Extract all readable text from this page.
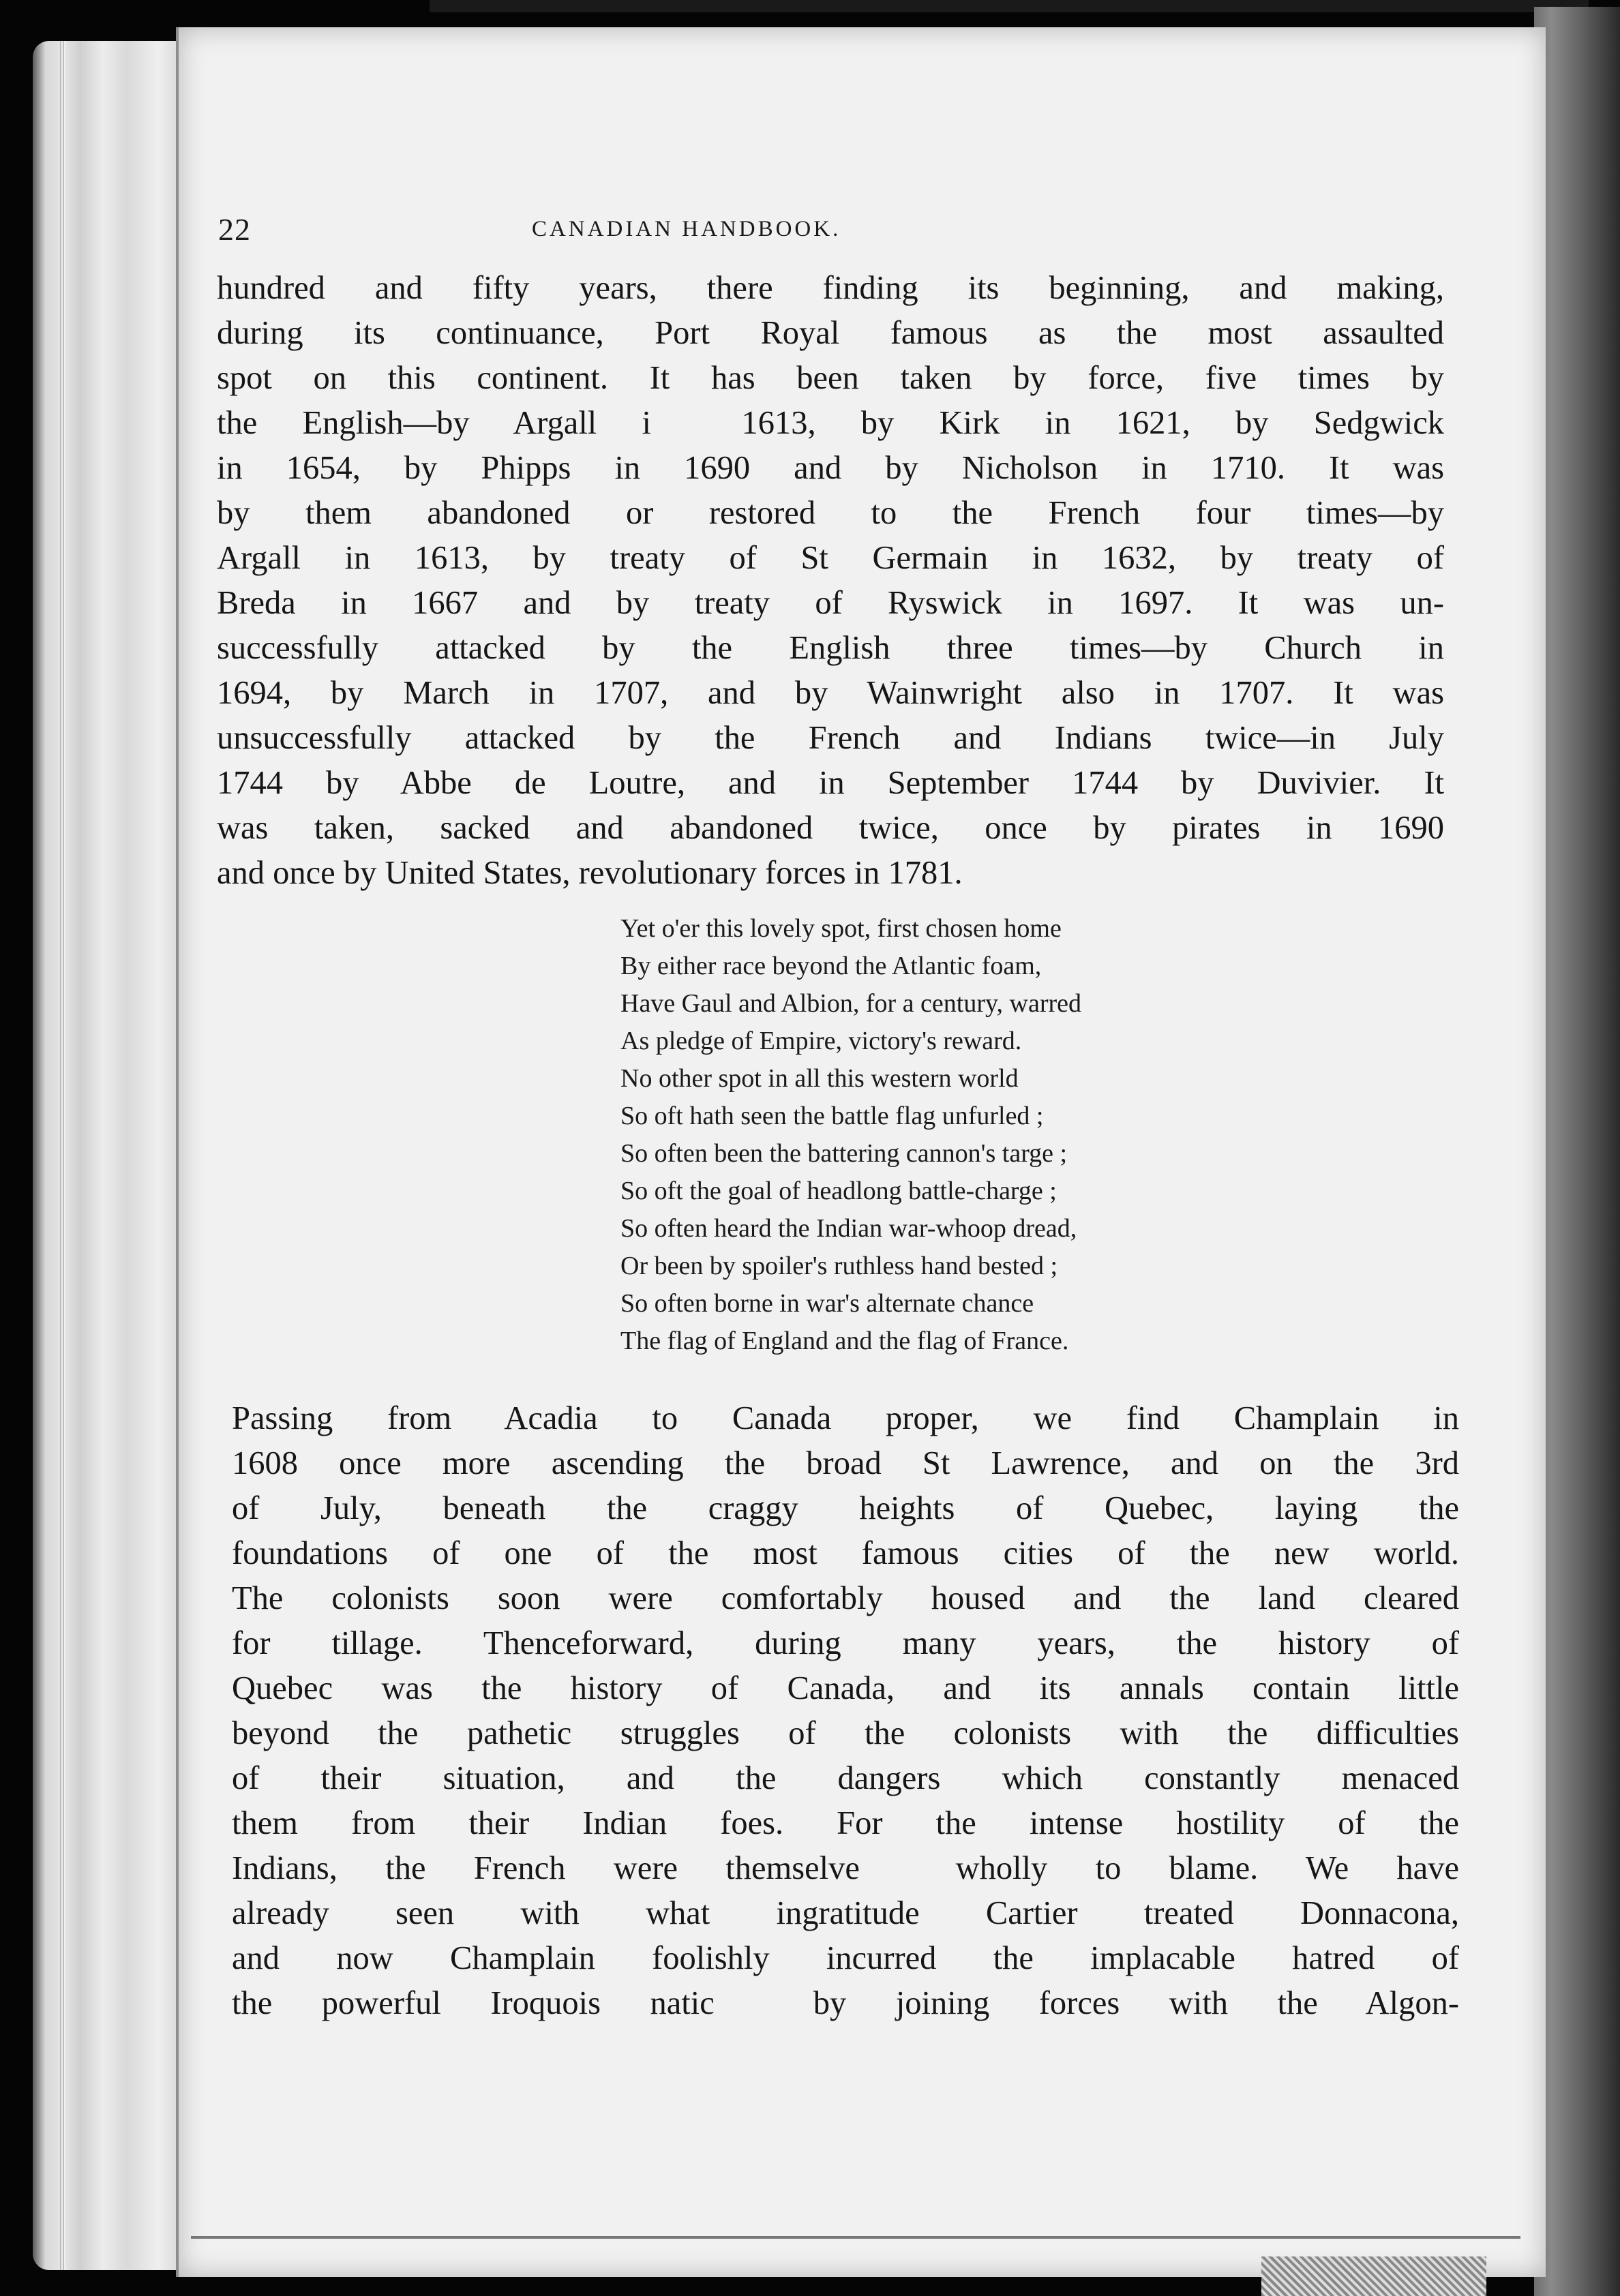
22	CANADIAN HANDBOOK.
hundred and fifty years, there finding its beginning, and making,
during its continuance, Port Royal famous as the most assaulted
spot on this continent. It has been taken by force, five times by
the English—by Argall i  1613, by Kirk in 1621, by Sedgwick
in 1654, by Phipps in 1690 and by Nicholson in 1710. It was
by them abandoned or restored to the French four times—by
Argall in 1613, by treaty of St Germain in 1632, by treaty of
Breda in 1667 and by treaty of Ryswick in 1697. It was un-
successfully attacked by the English three times—by Church in
1694, by March in 1707, and by Wainwright also in 1707. It was
unsuccessfully attacked by the French and Indians twice—in July
1744 by Abbe de Loutre, and in September 1744 by Duvivier. It
was taken, sacked and abandoned twice, once by pirates in 1690
and once by United States, revolutionary forces in 1781.
Yet o'er this lovely spot, first chosen home
By either race beyond the Atlantic foam,
Have Gaul and Albion, for a century, warred
As pledge of Empire, victory's reward.
No other spot in all this western world
So oft hath seen the battle flag unfurled ;
So often been the battering cannon's targe ;
So oft the goal of headlong battle-charge ;
So often heard the Indian war-whoop dread,
Or been by spoiler's ruthless hand bested ;
So often borne in war's alternate chance
The flag of England and the flag of France.
Passing from Acadia to Canada proper, we find Champlain in
1608 once more ascending the broad St Lawrence, and on the 3rd
of July, beneath the craggy heights of Quebec, laying the
foundations of one of the most famous cities of the new world.
The colonists soon were comfortably housed and the land cleared
for tillage. Thenceforward, during many years, the history of
Quebec was the history of Canada, and its annals contain little
beyond the pathetic struggles of the colonists with the difficulties
of their situation, and the dangers which constantly menaced
them from their Indian foes. For the intense hostility of the
Indians, the French were themselve  wholly to blame. We have
already seen with what ingratitude Cartier treated Donnacona,
and now Champlain foolishly incurred the implacable hatred of
the powerful Iroquois natic  by joining forces with the Algon-
